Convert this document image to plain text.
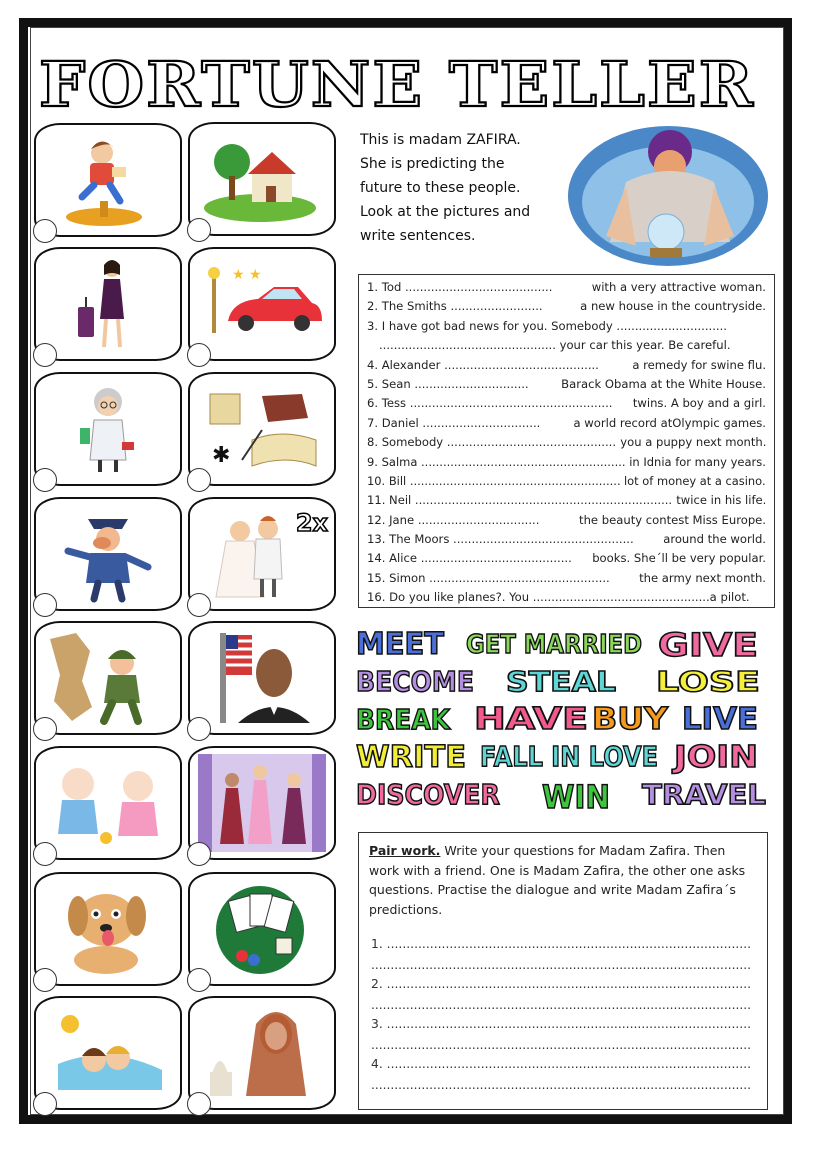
FORTUNE TELLER
★ ★
✱
2x
This is madam ZAFIRA.
She is predicting the
future to these people.
Look at the pictures and
write sentences.
1. Tod ........................................	with a very attractive woman.
2. The Smiths .........................	a new house in the countryside.
3. I have got bad news for you. Somebody ..............................
................................................ your car this year. Be careful.
4. Alexander ..........................................	a remedy for swine flu.
5. Sean ...............................	Barack Obama at the White House.
6. Tess ....................................................... twins. A boy and a girl.
7. Daniel ................................	a world record atOlympic games.
8. Somebody .............................................. you a puppy next month.
9. Salma ........................................................ in Idnia for many years.
10. Bill .......................................................... lot of money at a casino.
11. Neil ...................................................................... twice in his life.
12. Jane .................................	the beauty contest Miss Europe.
13. The Moors .................................................	around the world.
14. Alice ......................................... books. She´ll be very popular.
15. Simon .................................................	the army next month.
16. Do you like planes?. You ................................................a pilot.
MEET GET MARRIED GIVE
BECOME STEAL LOSE
BREAK HAVE BUY LIVE
WRITE FALL IN LOVE JOIN
DISCOVER WIN TRAVEL
Pair work. Write your questions for Madam Zafira. Then work with a friend. One is Madam Zafira, the other one asks questions. Practise the dialogue and write Madam Zafira´s predictions.
1. .............................................................................................
..................................................................................................
2. .............................................................................................
..................................................................................................
3. .............................................................................................
..................................................................................................
4. .............................................................................................
..................................................................................................
